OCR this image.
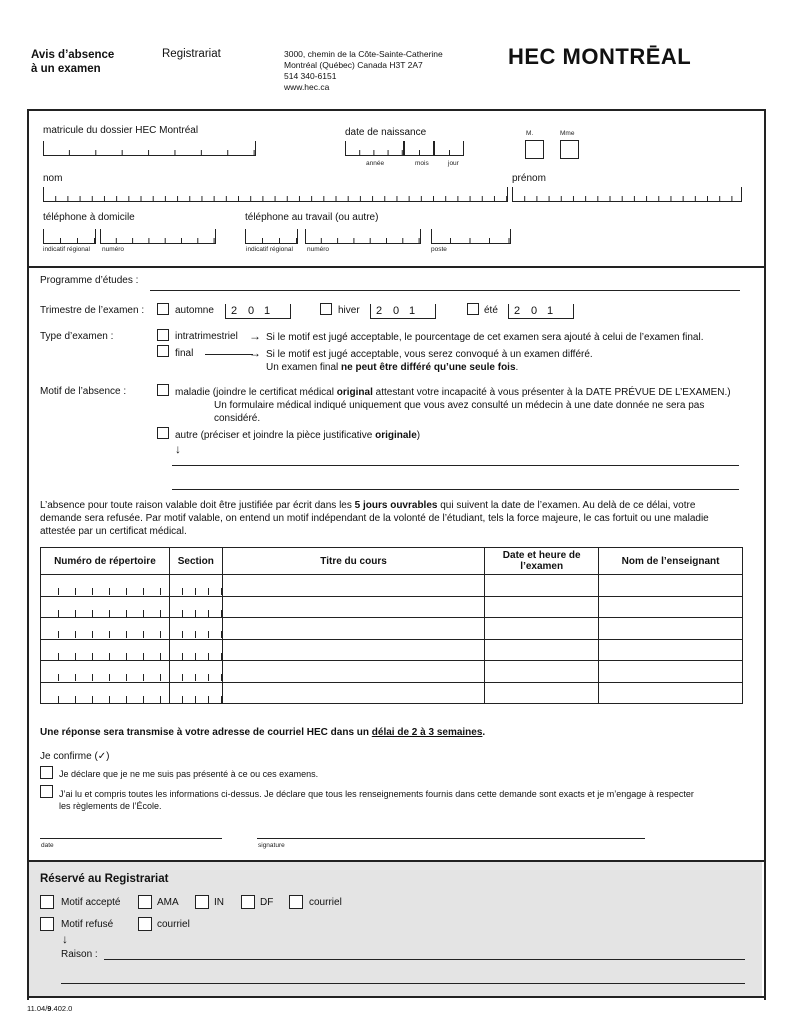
Avis d’absence
à un examen
Registrariat	3000, chemin de la Côte-Sainte-Catherine
Montréal (Québec) Canada H3T 2A7
514 340-6151
www.hec.ca
HEC MONTRĒAL
matricule du dossier HEC Montréal	date de naissance
année	mois	jour
M.	Mme
nom	prénom
téléphone à domicile
indicatif régional numéro
téléphone au travail (ou autre)
indicatif régional numéro	poste
Programme d’études :
Trimestre de l’examen :	automne 2 0 1	hiver 2 0 1	été 2 0 1
Type d’examen :	intratrimestriel → Si le motif est jugé acceptable, le pourcentage de cet examen sera ajouté à celui de l’examen final.
final	→ Si le motif est jugé acceptable, vous serez convoqué à un examen différé.
Un examen final ne peut être différé qu’une seule fois.
Motif de l’absence :	maladie (joindre le certificat médical original attestant votre incapacité à vous présenter à la DATE PRÉVUE DE L’EXAMEN.)
Un formulaire médical indiqué uniquement que vous avez consulté un médecin à une date donnée ne sera pas
considéré.
autre (préciser et joindre la pièce justificative originale)
↓
L’absence pour toute raison valable doit être justifiée par écrit dans les 5 jours ouvrables qui suivent la date de l’examen. Au delà de ce délai, votre
demande sera refusée. Par motif valable, on entend un motif indépendant de la volonté de l’étudiant, tels la force majeure, le cas fortuit ou une maladie
attestée par un certificat médical.
Numéro de répertoire	Section	Titre du cours	Date et heure de l’examen	Nom de l’enseignant

Une réponse sera transmise à votre adresse de courriel HEC dans un délai de 2 à 3 semaines.
Je confirme (✓)
Je déclare que je ne me suis pas présenté à ce ou ces examens.
J’ai lu et compris toutes les informations ci-dessus. Je déclare que tous les renseignements fournis dans cette demande sont exacts et je m’engage à respecter
les règlements de l’École.
date	signature
Réservé au Registrariat
Motif accepté	AMA	IN	DF	courriel
Motif refusé	courriel
↓
Raison :
11.04/9.402.0
